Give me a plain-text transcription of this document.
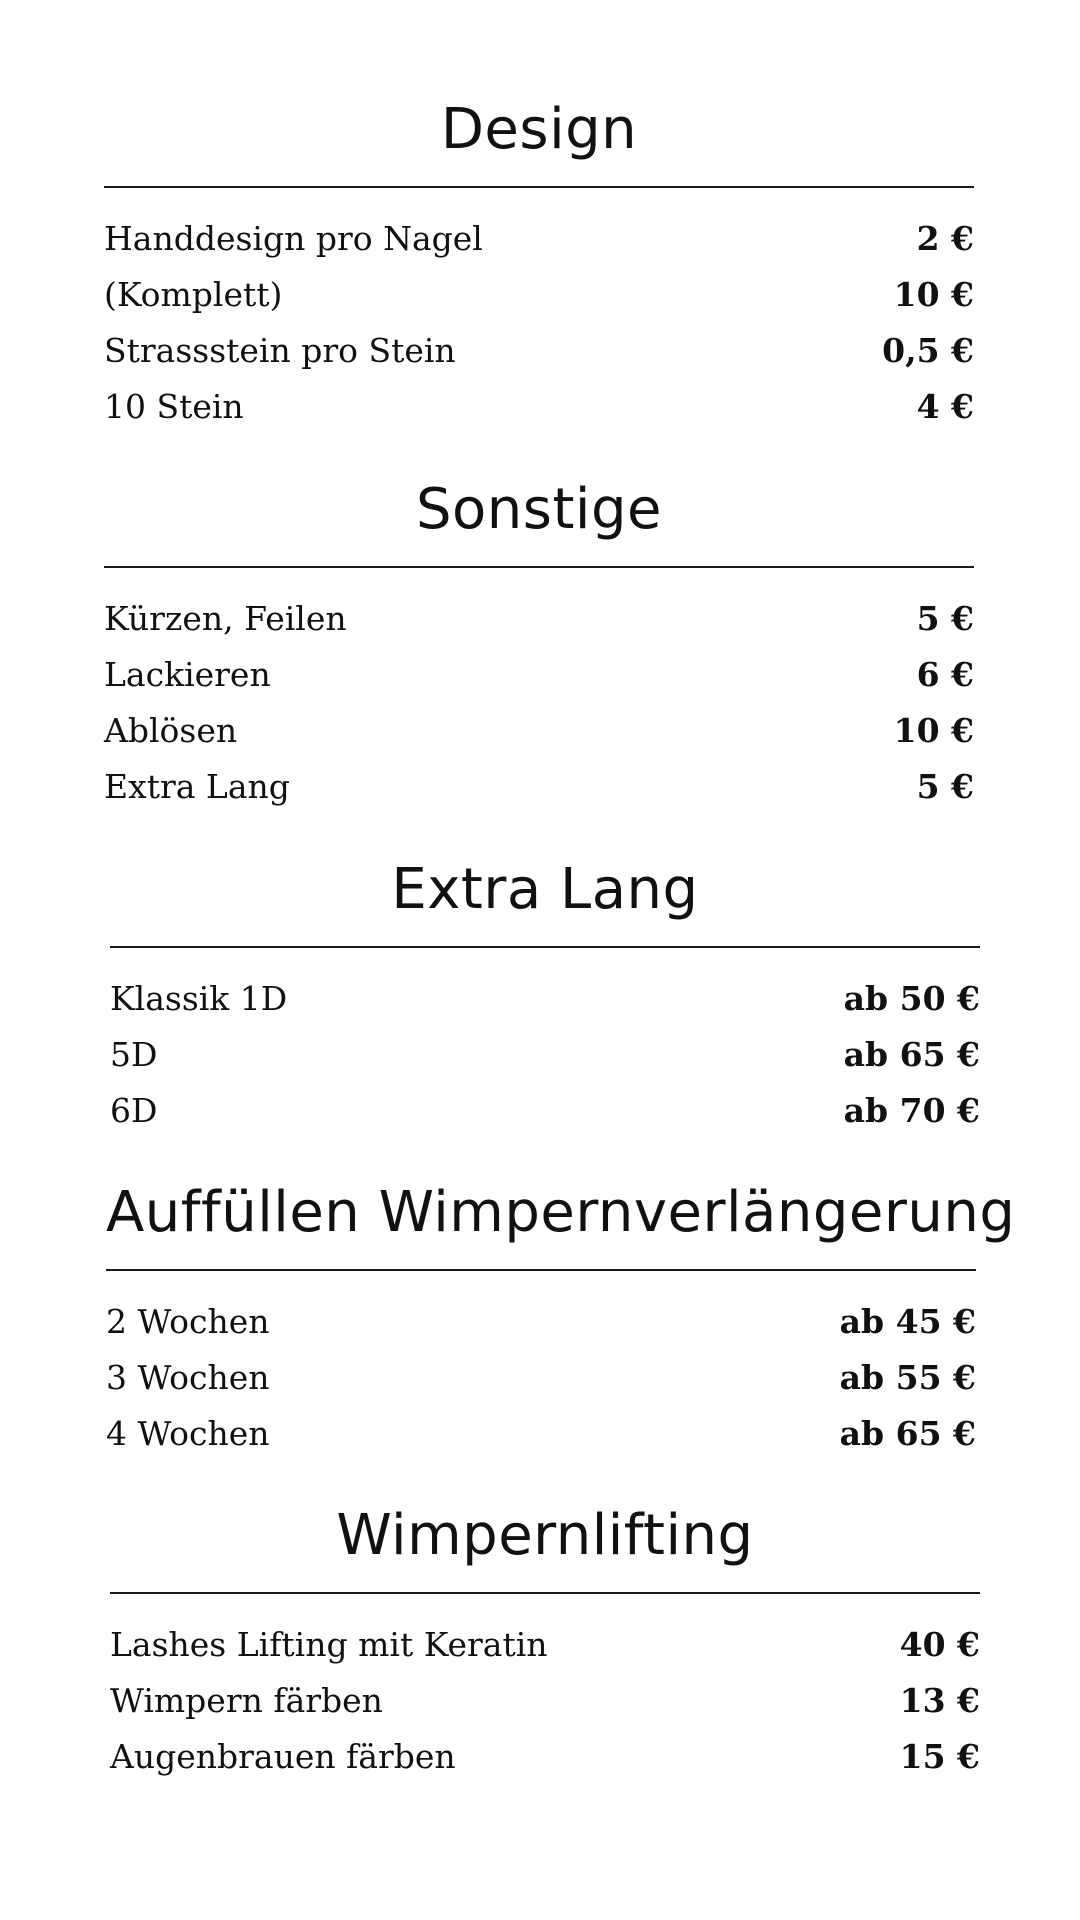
Design
Handdesign pro Nagel	2 €
(Komplett)	10 €
Strassstein pro Stein	0,5 €
10 Stein	4 €
Sonstige
Kürzen, Feilen	5 €
Lackieren	6 €
Ablösen	10 €
Extra Lang	5 €
Extra Lang
Klassik 1D	ab 50 €
5D	ab 65 €
6D	ab 70 €
Auffüllen Wimpernverlängerung
2 Wochen	ab 45 €
3 Wochen	ab 55 €
4 Wochen	ab 65 €
Wimpernlifting
Lashes Lifting mit Keratin	40 €
Wimpern färben	13 €
Augenbrauen färben	15 €
